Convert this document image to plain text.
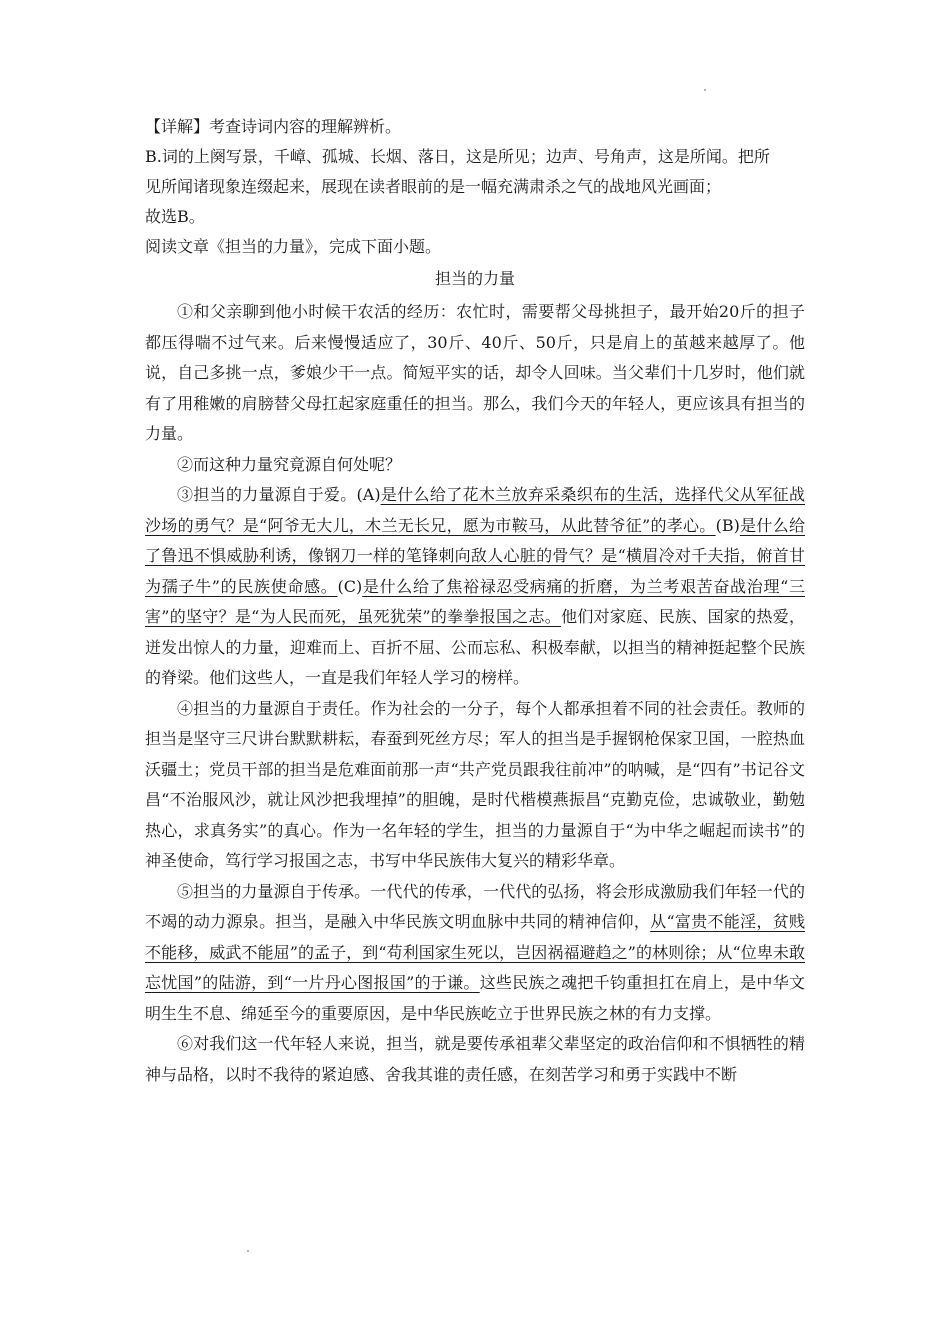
【详解】考查诗词内容的理解辨析。
B.词的上阕写景，千嶂、孤城、长烟、落日，这是所见；边声、号角声，这是所闻。把所
见所闻诸现象连缀起来，展现在读者眼前的是一幅充满肃杀之气的战地风光画面；
故选B。
阅读文章《担当的力量》，完成下面小题。
担当的力量

①和父亲聊到他小时候干农活的经历：农忙时，需要帮父母挑担子，最开始20斤的担子都压得喘不过气来。后来慢慢适应了，30斤、40斤、50斤，只是肩上的茧越来越厚了。他说，自己多挑一点，爹娘少干一点。简短平实的话，却令人回味。当父辈们十几岁时，他们就有了用稚嫩的肩膀替父母扛起家庭重任的担当。那么，我们今天的年轻人，更应该具有担当的力量。

②而这种力量究竟源自何处呢？

③担当的力量源自于爱。(A)是什么给了花木兰放弃采桑织布的生活，选择代父从军征战沙场的勇气？是“阿爷无大儿，木兰无长兄，愿为市鞍马，从此替爷征”的孝心。(B)是什么给了鲁迅不惧威胁利诱，像钢刀一样的笔锋刺向敌人心脏的骨气？是“横眉冷对千夫指，俯首甘为孺子牛”的民族使命感。(C)是什么给了焦裕禄忍受病痛的折磨，为兰考艰苦奋战治理“三害”的坚守？是“为人民而死，虽死犹荣”的拳拳报国之志。他们对家庭、民族、国家的热爱，迸发出惊人的力量，迎难而上、百折不屈、公而忘私、积极奉献，以担当的精神挺起整个民族的脊梁。他们这些人，一直是我们年轻人学习的榜样。

④担当的力量源自于责任。作为社会的一分子，每个人都承担着不同的社会责任。教师的担当是坚守三尺讲台默默耕耘，春蚕到死丝方尽；军人的担当是手握钢枪保家卫国，一腔热血沃疆土；党员干部的担当是危难面前那一声“共产党员跟我往前冲”的呐喊，是“四有”书记谷文昌“不治服风沙，就让风沙把我埋掉”的胆魄，是时代楷模燕振昌“克勤克俭，忠诚敬业，勤勉热心，求真务实”的真心。作为一名年轻的学生，担当的力量源自于“为中华之崛起而读书”的神圣使命，笃行学习报国之志，书写中华民族伟大复兴的精彩华章。

⑤担当的力量源自于传承。一代代的传承，一代代的弘扬，将会形成激励我们年轻一代的不竭的动力源泉。担当，是融入中华民族文明血脉中共同的精神信仰，从“富贵不能淫，贫贱不能移，威武不能屈”的孟子，到“苟利国家生死以，岂因祸福避趋之”的林则徐；从“位卑未敢忘忧国”的陆游，到“一片丹心图报国”的于谦。这些民族之魂把千钧重担扛在肩上，是中华文明生生不息、绵延至今的重要原因，是中华民族屹立于世界民族之林的有力支撑。

⑥对我们这一代年轻人来说，担当，就是要传承祖辈父辈坚定的政治信仰和不惧牺牲的精神与品格，以时不我待的紧迫感、舍我其谁的责任感，在刻苦学习和勇于实践中不断
